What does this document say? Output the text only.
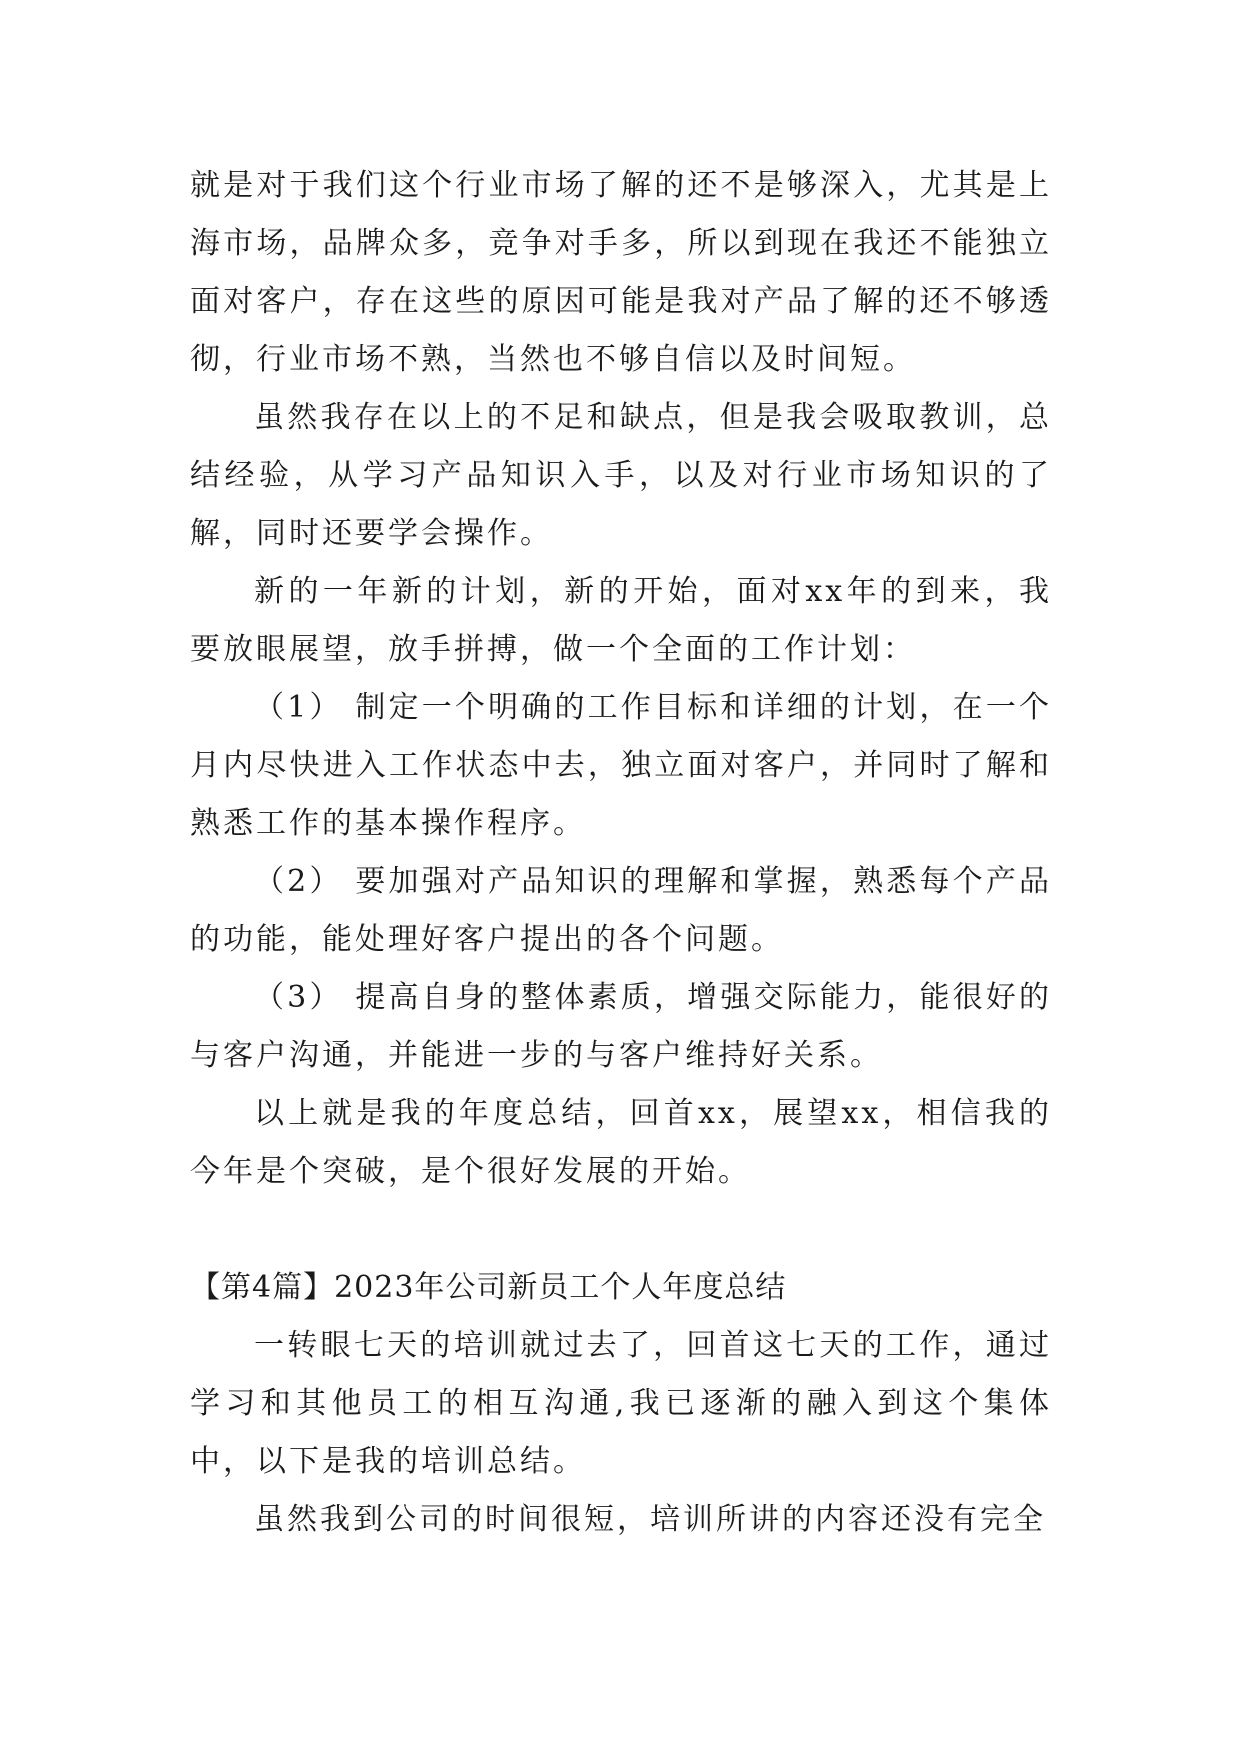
就是对于我们这个行业市场了解的还不是够深入，尤其是上海市场，品牌众多，竞争对手多，所以到现在我还不能独立面对客户，存在这些的原因可能是我对产品了解的还不够透彻，行业市场不熟，当然也不够自信以及时间短。

虽然我存在以上的不足和缺点，但是我会吸取教训，总结经验，从学习产品知识入手，以及对行业市场知识的了解，同时还要学会操作。

新的一年新的计划，新的开始，面对xx年的到来，我要放眼展望，放手拼搏，做一个全面的工作计划：

（1） 制定一个明确的工作目标和详细的计划，在一个月内尽快进入工作状态中去，独立面对客户，并同时了解和熟悉工作的基本操作程序。

（2） 要加强对产品知识的理解和掌握，熟悉每个产品的功能，能处理好客户提出的各个问题。

（3） 提高自身的整体素质，增强交际能力，能很好的与客户沟通，并能进一步的与客户维持好关系。

以上就是我的年度总结，回首xx，展望xx，相信我的今年是个突破，是个很好发展的开始。

【第4篇】2023年公司新员工个人年度总结

一转眼七天的培训就过去了，回首这七天的工作，通过学习和其他员工的相互沟通,我已逐渐的融入到这个集体中，以下是我的培训总结。

虽然我到公司的时间很短，培训所讲的内容还没有完全
